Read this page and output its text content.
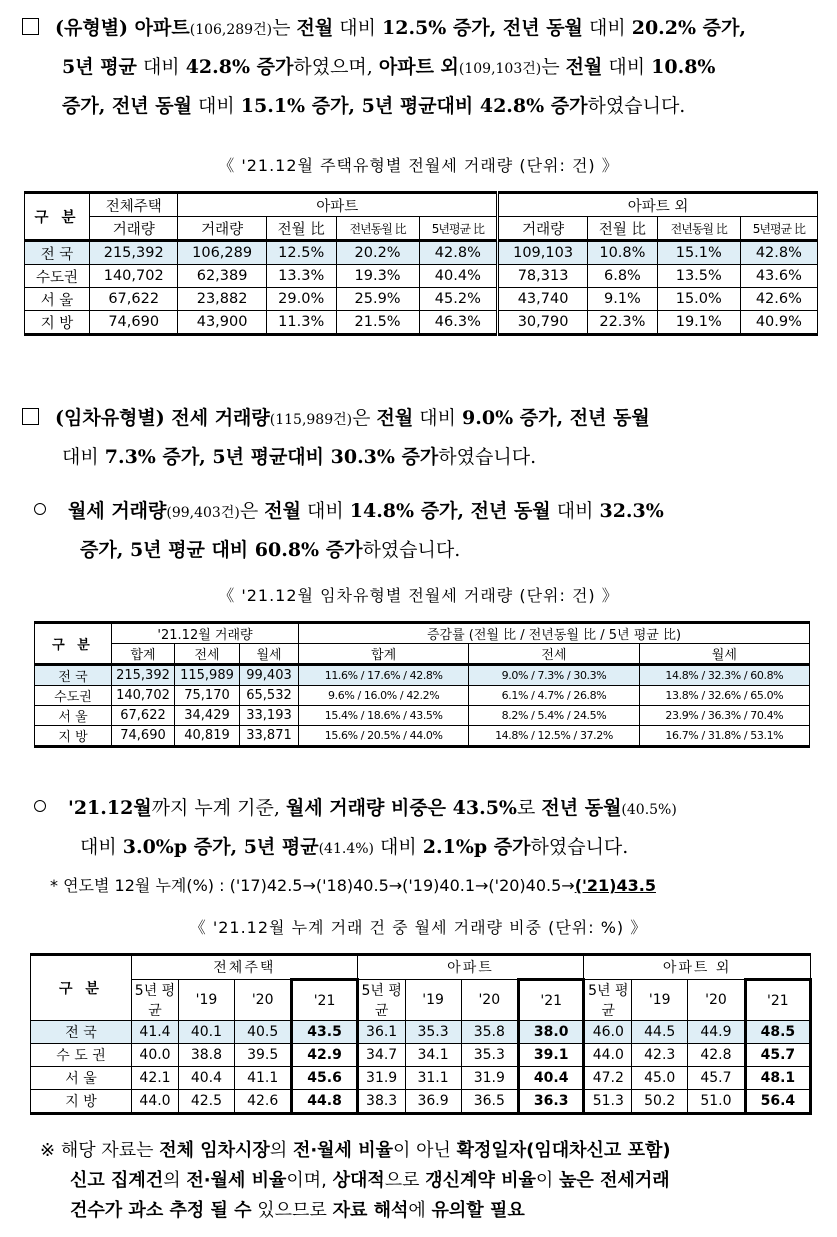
(유형별) 아파트(106,289건)는 전월 대비 12.5% 증가, 전년 동월 대비 20.2% 증가,
5년 평균 대비 42.8% 증가하였으며, 아파트 외(109,103건)는 전월 대비 10.8%
증가, 전년 동월 대비 15.1% 증가, 5년 평균대비 42.8% 증가하였습니다.
《 '21.12월 주택유형별 전월세 거래량 (단위: 건) 》
구 분	전체주택	아파트				아파트 외			
	거래량	거래량	전월 比	전년동월 比	5년평균 比	거래량	전월 比	전년동월 比	5년평균 比
전 국	215,392	106,289	12.5%	20.2%	42.8%	109,103	10.8%	15.1%	42.8%
수도권	140,702	62,389	13.3%	19.3%	40.4%	78,313	6.8%	13.5%	43.6%
서 울	67,622	23,882	29.0%	25.9%	45.2%	43,740	9.1%	15.0%	42.6%
지 방	74,690	43,900	11.3%	21.5%	46.3%	30,790	22.3%	19.1%	40.9%
(임차유형별) 전세 거래량(115,989건)은 전월 대비 9.0% 증가, 전년 동월
대비 7.3% 증가, 5년 평균대비 30.3% 증가하였습니다.
월세 거래량(99,403건)은 전월 대비 14.8% 증가, 전년 동월 대비 32.3%
증가, 5년 평균 대비 60.8% 증가하였습니다.
《 '21.12월 임차유형별 전월세 거래량 (단위: 건) 》
구 분	'21.12월 거래량			증감률 (전월 比 / 전년동월 比 / 5년 평균 比)		
	합계	전세	월세	합계	전세	월세
전 국	215,392	115,989	99,403	11.6% / 17.6% / 42.8%	9.0% / 7.3% / 30.3%	14.8% / 32.3% / 60.8%
수도권	140,702	75,170	65,532	9.6% / 16.0% / 42.2%	6.1% / 4.7% / 26.8%	13.8% / 32.6% / 65.0%
서 울	67,622	34,429	33,193	15.4% / 18.6% / 43.5%	8.2% / 5.4% / 24.5%	23.9% / 36.3% / 70.4%
지 방	74,690	40,819	33,871	15.6% / 20.5% / 44.0%	14.8% / 12.5% / 37.2%	16.7% / 31.8% / 53.1%
'21.12월까지 누계 기준, 월세 거래량 비중은 43.5%로 전년 동월(40.5%)
대비 3.0%p 증가, 5년 평균(41.4%) 대비 2.1%p 증가하였습니다.
* 연도별 12월 누계(%) : ('17)42.5→('18)40.5→('19)40.1→('20)40.5→('21)43.5
《 '21.12월 누계 거래 건 중 월세 거래량 비중 (단위: %) 》
구 분	전체주택				아파트				아파트 외			
	5년 평균	'19	'20	'21	5년 평균	'19	'20	'21	5년 평균	'19	'20	'21
전 국	41.4	40.1	40.5	43.5	36.1	35.3	35.8	38.0	46.0	44.5	44.9	48.5
수 도 권	40.0	38.8	39.5	42.9	34.7	34.1	35.3	39.1	44.0	42.3	42.8	45.7
서 울	42.1	40.4	41.1	45.6	31.9	31.1	31.9	40.4	47.2	45.0	45.7	48.1
지 방	44.0	42.5	42.6	44.8	38.3	36.9	36.5	36.3	51.3	50.2	51.0	56.4
※ 해당 자료는 전체 임차시장의 전·월세 비율이 아닌 확정일자(임대차신고 포함)
신고 집계건의 전·월세 비율이며, 상대적으로 갱신계약 비율이 높은 전세거래
건수가 과소 추정 될 수 있으므로 자료 해석에 유의할 필요
